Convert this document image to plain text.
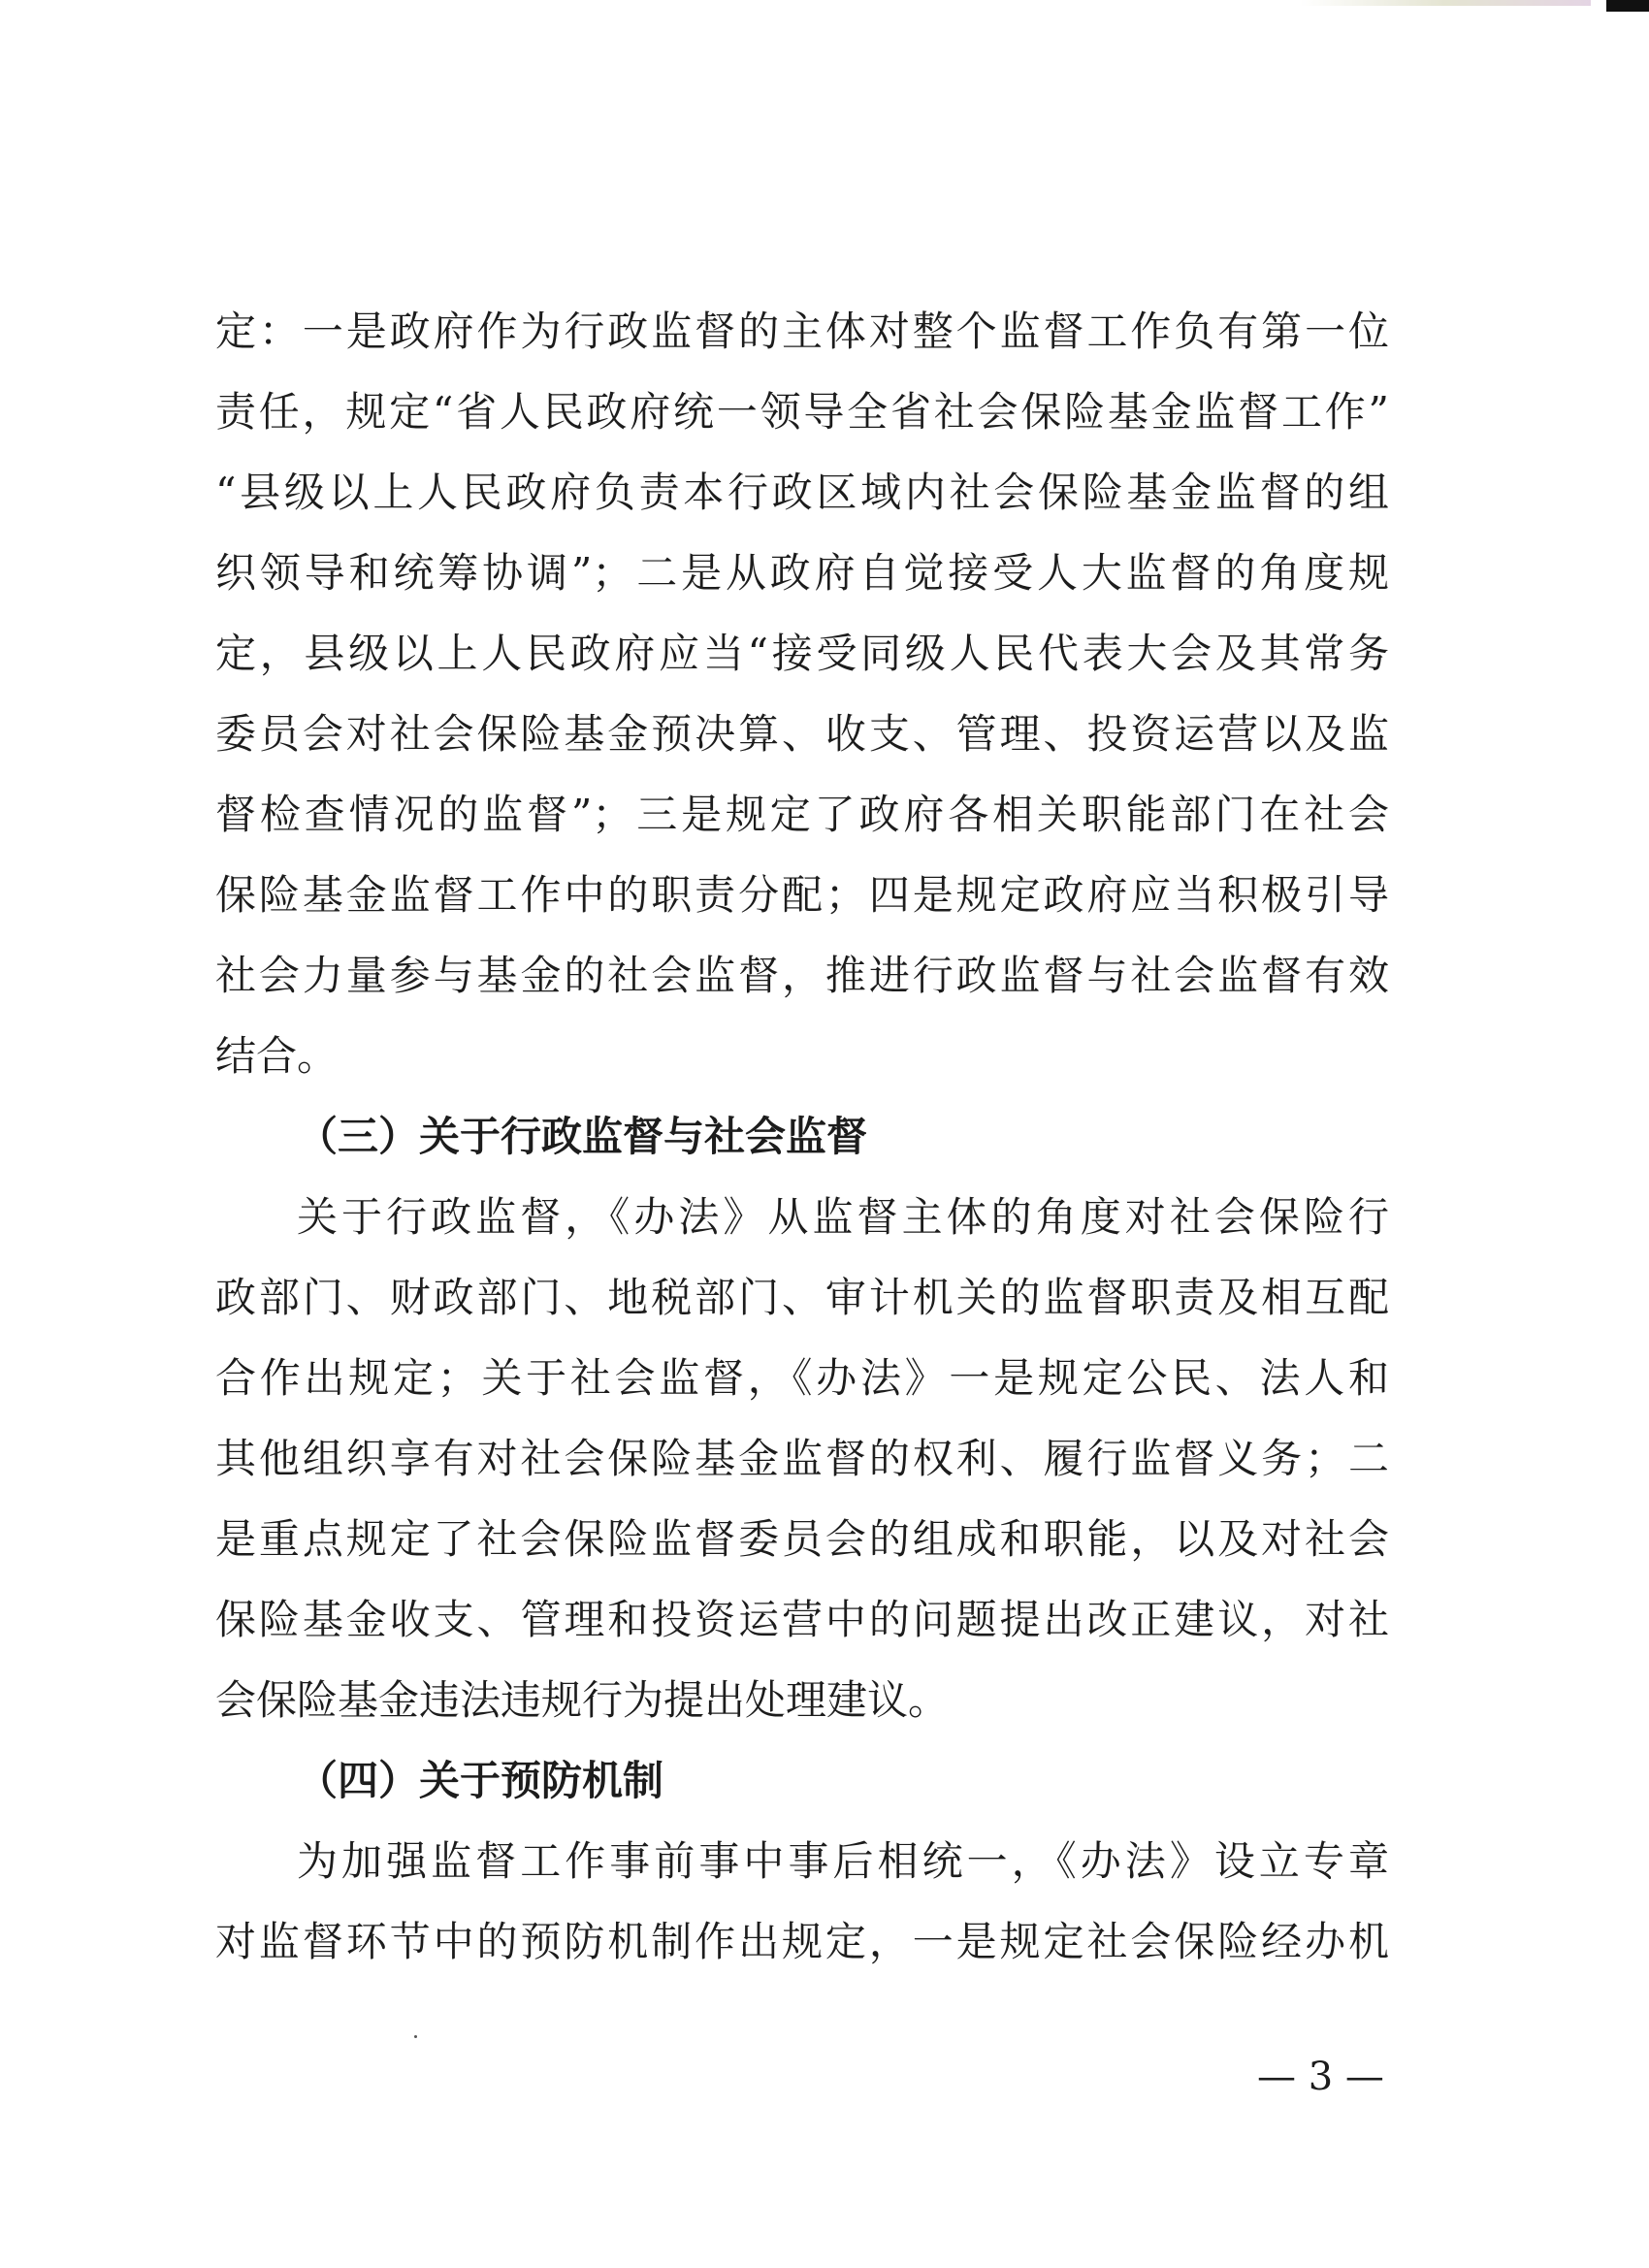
定：一是政府作为行政监督的主体对整个监督工作负有第一位
责任，规定“省人民政府统一领导全省社会保险基金监督工作”
“县级以上人民政府负责本行政区域内社会保险基金监督的组
织领导和统筹协调”；二是从政府自觉接受人大监督的角度规
定，县级以上人民政府应当“接受同级人民代表大会及其常务
委员会对社会保险基金预决算、收支、管理、投资运营以及监
督检查情况的监督”；三是规定了政府各相关职能部门在社会
保险基金监督工作中的职责分配；四是规定政府应当积极引导
社会力量参与基金的社会监督，推进行政监督与社会监督有效
结合。
（三）关于行政监督与社会监督
关于行政监督，《办法》从监督主体的角度对社会保险行
政部门、财政部门、地税部门、审计机关的监督职责及相互配
合作出规定；关于社会监督，《办法》一是规定公民、法人和
其他组织享有对社会保险基金监督的权利、履行监督义务；二
是重点规定了社会保险监督委员会的组成和职能，以及对社会
保险基金收支、管理和投资运营中的问题提出改正建议，对社
会保险基金违法违规行为提出处理建议。
（四）关于预防机制
为加强监督工作事前事中事后相统一，《办法》设立专章
对监督环节中的预防机制作出规定，一是规定社会保险经办机
— 3 —
